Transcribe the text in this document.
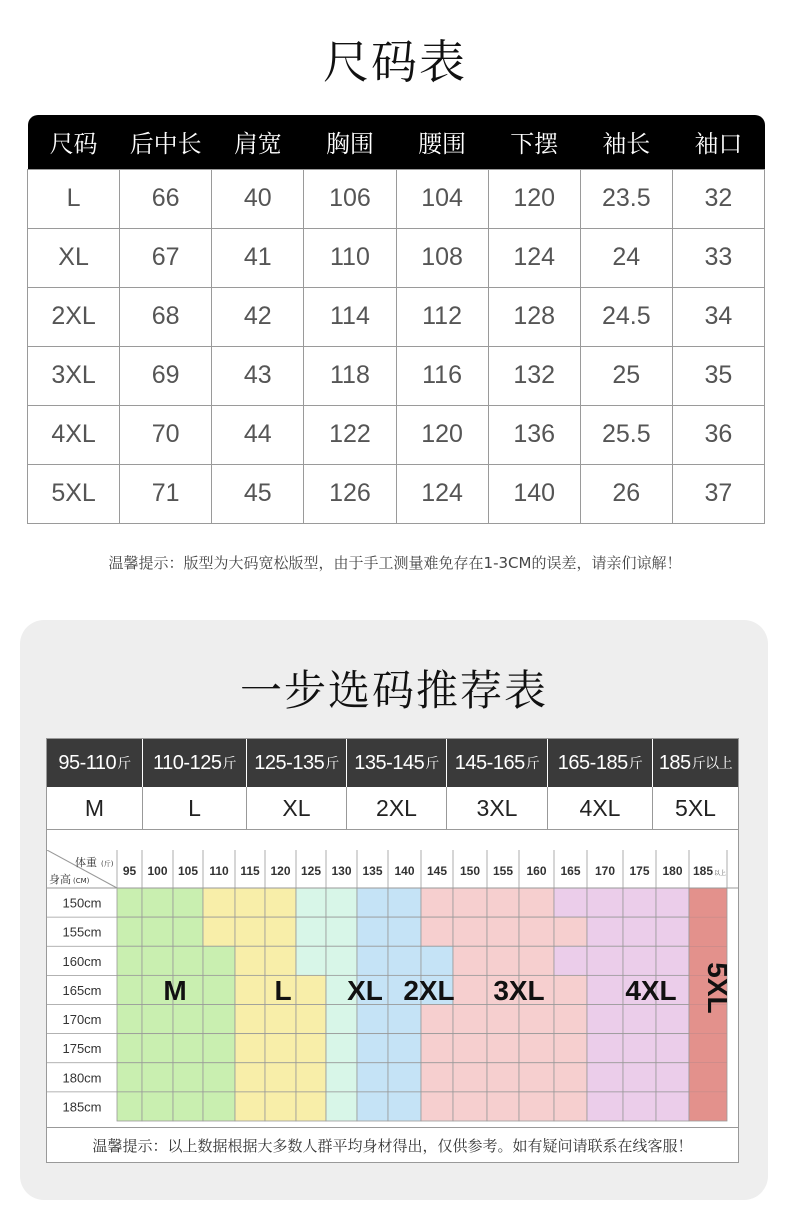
尺码表
尺码	后中长	肩宽	胸围	腰围	下摆	袖长	袖口
L	66	40	106	104	120	23.5	32
XL	67	41	110	108	124	24	33
2XL	68	42	114	112	128	24.5	34
3XL	69	43	118	116	132	25	35
4XL	70	44	122	120	136	25.5	36
5XL	71	45	126	124	140	26	37
温馨提示：版型为大码宽松版型，由于手工测量难免存在1-3CM的误差，请亲们谅解！
一步选码推荐表
95-110 斤 110-125 斤 125-135 斤 135-145 斤 145-165 斤 165-185 斤 185 斤以上
M	L	XL	2XL	3XL	4XL	5XL
体重 (斤)
身高 (CM)
95 100 105 110 115 120 125 130 135 140 145 150 155 160 165 170 175 180 185 以上
150cm
155cm
160cm
165cm
170cm
175cm
180cm
185cm
M	L XL 2XL 3XL	4XL 5XL
温馨提示：以上数据根据大多数人群平均身材得出，仅供参考。如有疑问请联系在线客服！
